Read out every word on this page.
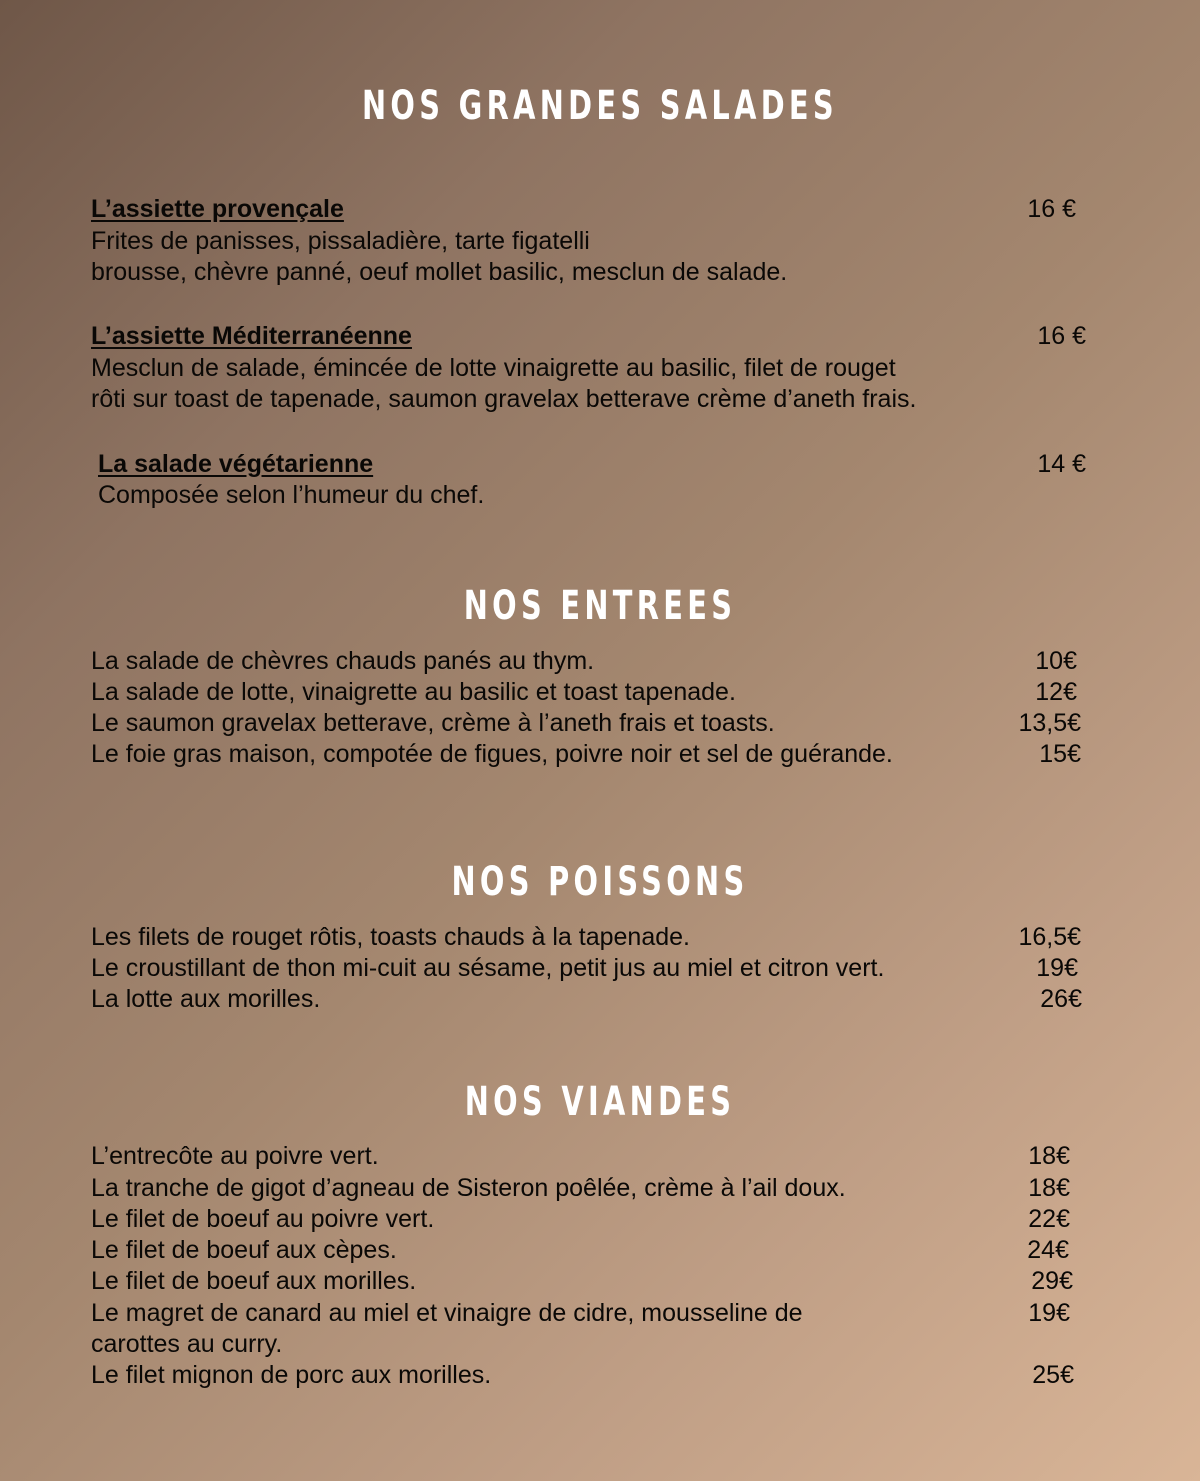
NOS GRANDES SALADES

L’assiette provençale	16 €

Frites de panisses, pissaladière, tarte figatelli

brousse, chèvre panné, oeuf mollet basilic, mesclun de salade.

L’assiette Méditerranéenne	16 €

Mesclun de salade, émincée de lotte vinaigrette au basilic, filet de rouget

rôti sur toast de tapenade, saumon gravelax betterave crème d’aneth frais.

La salade végétarienne	14 €

Composée selon l’humeur du chef.

NOS ENTREES

La salade de chèvres chauds panés au thym.	10€

La salade de lotte, vinaigrette au basilic et toast tapenade.	12€

Le saumon gravelax betterave, crème à l’aneth frais et toasts.	13,5€

Le foie gras maison, compotée de figues, poivre noir et sel de guérande.	15€

NOS POISSONS

Les filets de rouget rôtis, toasts chauds à la tapenade.	16,5€

Le croustillant de thon mi-cuit au sésame, petit jus au miel et citron vert.	19€

La lotte aux morilles.	26€

NOS VIANDES

L’entrecôte au poivre vert.	18€

La tranche de gigot d’agneau de Sisteron poêlée, crème à l’ail doux.	18€

Le filet de boeuf au poivre vert.	22€

Le filet de boeuf aux cèpes.	24€

Le filet de boeuf aux morilles.	29€

Le magret de canard au miel et vinaigre de cidre, mousseline de	19€

carottes au curry.

Le filet mignon de porc aux morilles.	25€
